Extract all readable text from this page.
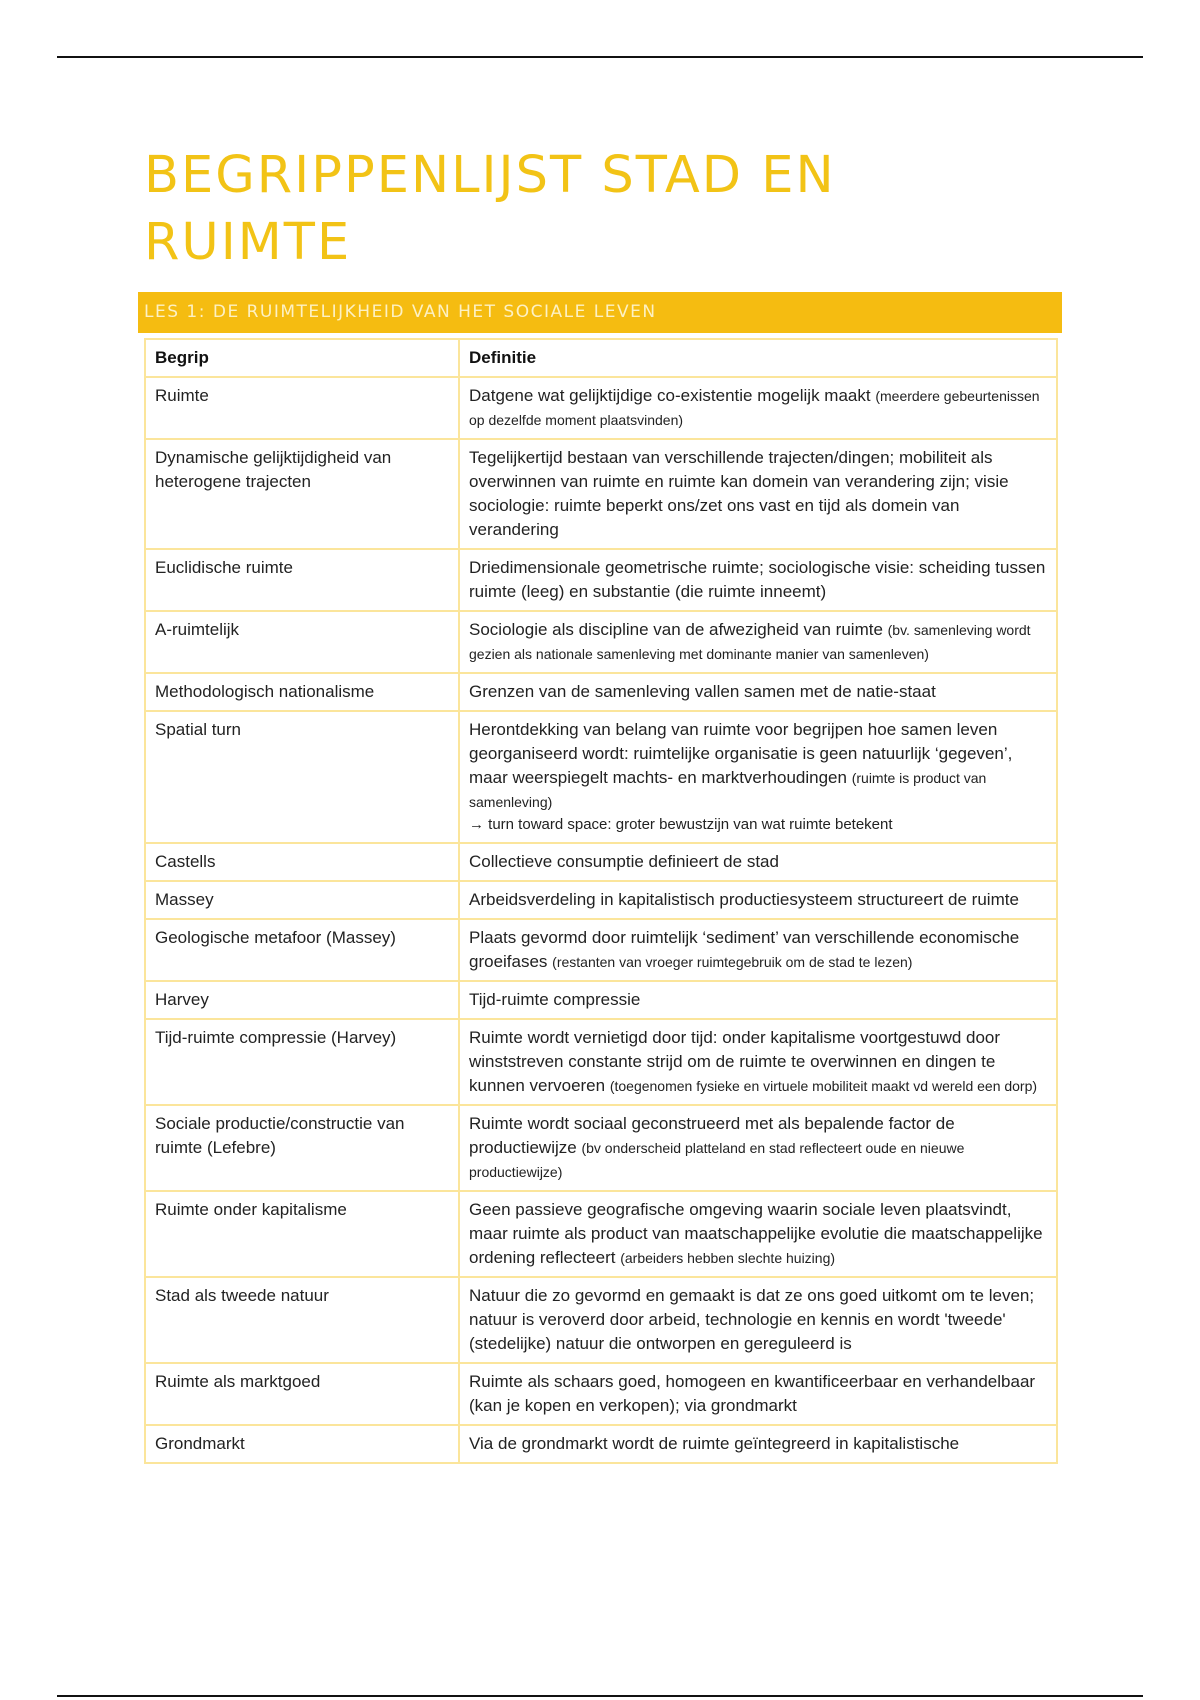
BEGRIPPENLIJST STAD EN RUIMTE
LES 1: DE RUIMTELIJKHEID VAN HET SOCIALE LEVEN
Begrip	Definitie
Ruimte	Datgene wat gelijktijdige co-existentie mogelijk maakt (meerdere gebeurtenissen op dezelfde moment plaatsvinden)
Dynamische gelijktijdigheid van heterogene trajecten	Tegelijkertijd bestaan van verschillende trajecten/dingen; mobiliteit als overwinnen van ruimte en ruimte kan domein van verandering zijn; visie sociologie: ruimte beperkt ons/zet ons vast en tijd als domein van verandering
Euclidische ruimte	Driedimensionale geometrische ruimte; sociologische visie: scheiding tussen ruimte (leeg) en substantie (die ruimte inneemt)
A-ruimtelijk	Sociologie als discipline van de afwezigheid van ruimte (bv. samenleving wordt gezien als nationale samenleving met dominante manier van samenleven)
Methodologisch nationalisme	Grenzen van de samenleving vallen samen met de natie-staat
Spatial turn	Herontdekking van belang van ruimte voor begrijpen hoe samen leven georganiseerd wordt: ruimtelijke organisatie is geen natuurlijk ‘gegeven’, maar weerspiegelt machts- en marktverhoudingen (ruimte is product van samenleving)
→ turn toward space: groter bewustzijn van wat ruimte betekent

Castells	Collectieve consumptie definieert de stad
Massey	Arbeidsverdeling in kapitalistisch productiesysteem structureert de ruimte
Geologische metafoor (Massey)	Plaats gevormd door ruimtelijk ‘sediment’ van verschillende economische groeifases (restanten van vroeger ruimtegebruik om de stad te lezen)
Harvey	Tijd-ruimte compressie
Tijd-ruimte compressie (Harvey)	Ruimte wordt vernietigd door tijd: onder kapitalisme voortgestuwd door winststreven constante strijd om de ruimte te overwinnen en dingen te kunnen vervoeren (toegenomen fysieke en virtuele mobiliteit maakt vd wereld een dorp)
Sociale productie/constructie van ruimte (Lefebre)	Ruimte wordt sociaal geconstrueerd met als bepalende factor de productiewijze (bv onderscheid platteland en stad reflecteert oude en nieuwe productiewijze)
Ruimte onder kapitalisme	Geen passieve geografische omgeving waarin sociale leven plaatsvindt, maar ruimte als product van maatschappelijke evolutie die maatschappelijke ordening reflecteert (arbeiders hebben slechte huizing)
Stad als tweede natuur	Natuur die zo gevormd en gemaakt is dat ze ons goed uitkomt om te leven; natuur is veroverd door arbeid, technologie en kennis en wordt 'tweede' (stedelijke) natuur die ontworpen en gereguleerd is
Ruimte als marktgoed	Ruimte als schaars goed, homogeen en kwantificeerbaar en verhandelbaar (kan je kopen en verkopen); via grondmarkt
Grondmarkt	Via de grondmarkt wordt de ruimte geïntegreerd in kapitalistische
